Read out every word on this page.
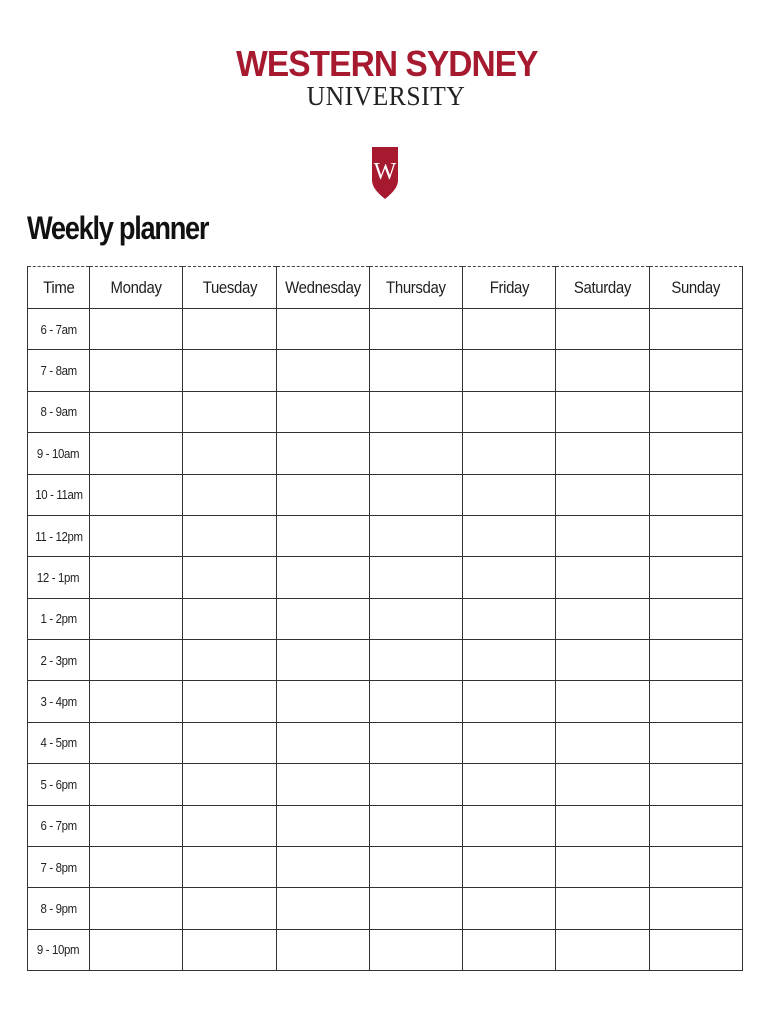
WESTERN SYDNEY
UNIVERSITY
W
Weekly planner
Time	Monday	Tuesday	Wednesday	Thursday	Friday	Saturday	Sunday
6 - 7am							
7 - 8am							
8 - 9am							
9 - 10am							
10 - 11am							
11 - 12pm							
12 - 1pm							
1 - 2pm							
2 - 3pm							
3 - 4pm							
4 - 5pm							
5 - 6pm							
6 - 7pm							
7 - 8pm							
8 - 9pm							
9 - 10pm							
